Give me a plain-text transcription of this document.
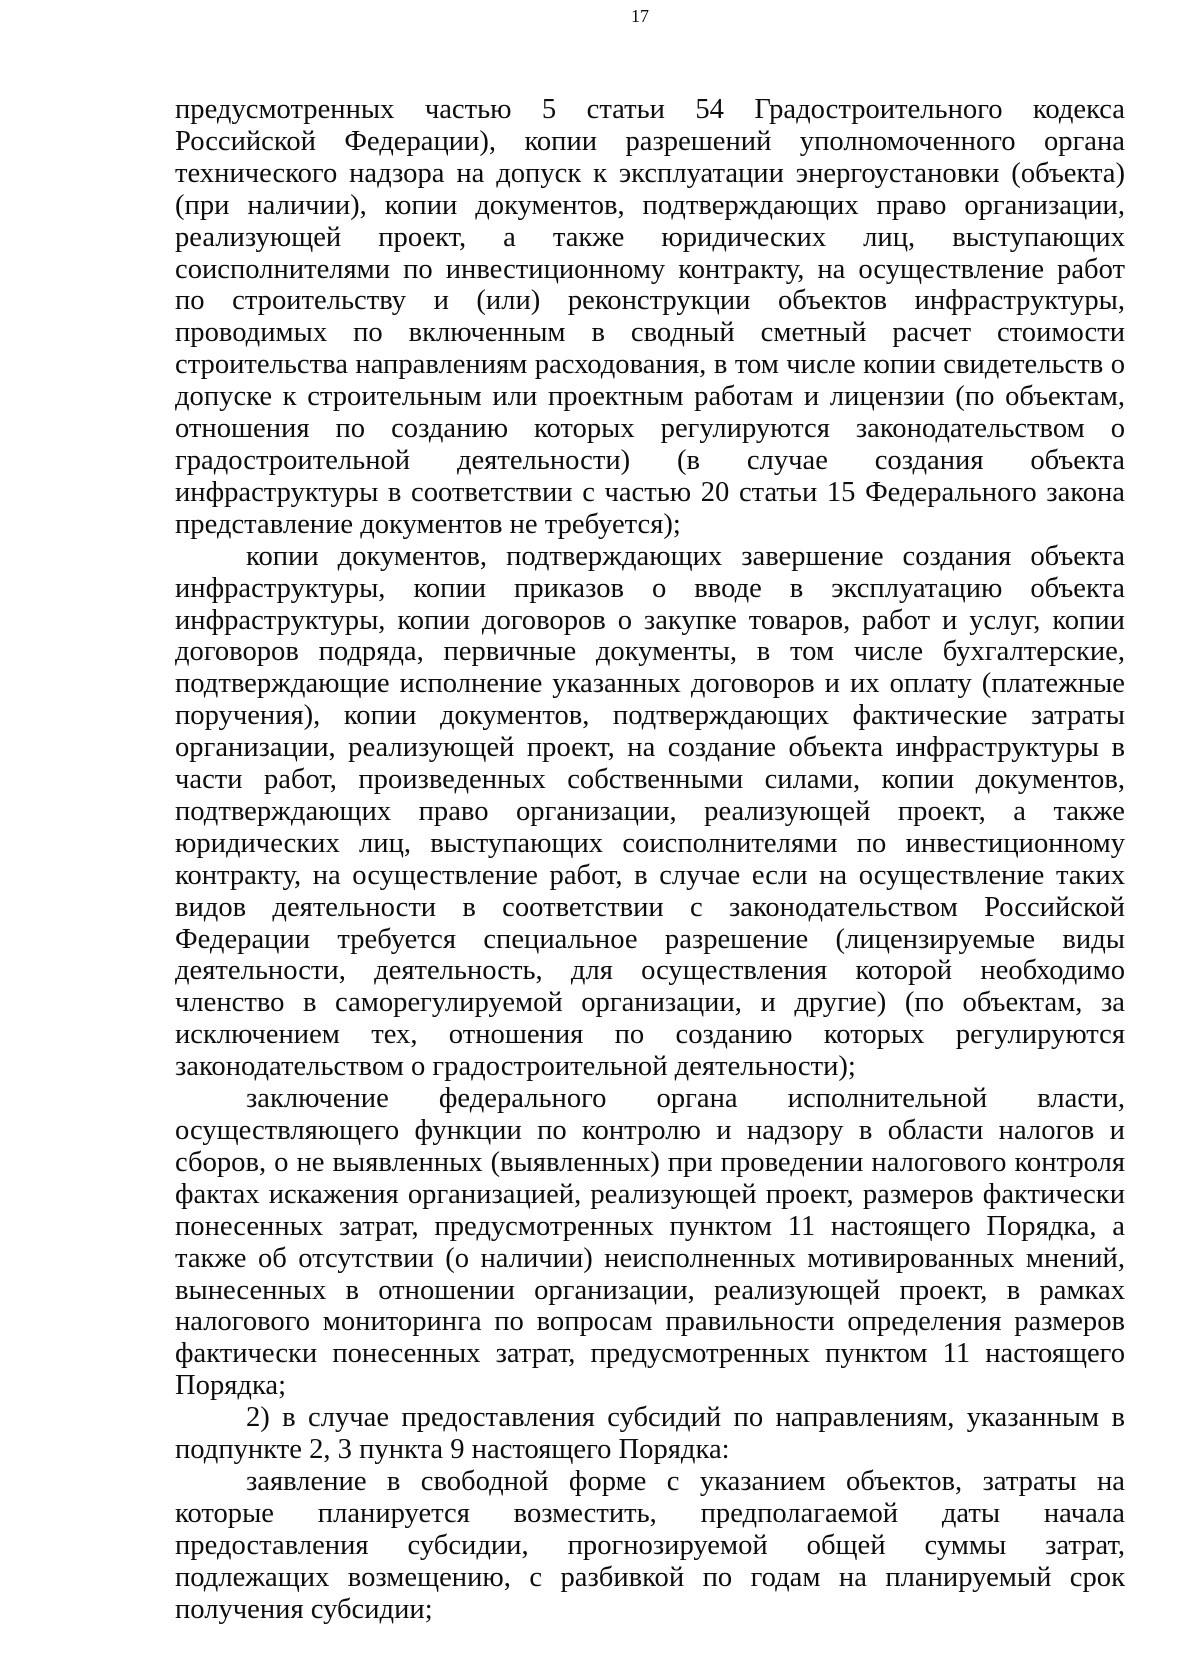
17

предусмотренных частью 5 статьи 54 Градостроительного кодекса Российской Федерации), копии разрешений уполномоченного органа технического надзора на допуск к эксплуатации энергоустановки (объекта) (при наличии), копии документов, подтверждающих право организации, реализующей проект, а также юридических лиц, выступающих соисполнителями по инвестиционному контракту, на осуществление работ по строительству и (или) реконструкции объектов инфраструктуры, проводимых по включенным в сводный сметный расчет стоимости строительства направлениям расходования, в том числе копии свидетельств о допуске к строительным или проектным работам и лицензии (по объектам, отношения по созданию которых регулируются законодательством о градостроительной деятельности) (в случае создания объекта инфраструктуры в соответствии с частью 20 статьи 15 Федерального закона представление документов не требуется);

копии документов, подтверждающих завершение создания объекта инфраструктуры, копии приказов о вводе в эксплуатацию объекта инфраструктуры, копии договоров о закупке товаров, работ и услуг, копии договоров подряда, первичные документы, в том числе бухгалтерские, подтверждающие исполнение указанных договоров и их оплату (платежные поручения), копии документов, подтверждающих фактические затраты организации, реализующей проект, на создание объекта инфраструктуры в части работ, произведенных собственными силами, копии документов, подтверждающих право организации, реализующей проект, а также юридических лиц, выступающих соисполнителями по инвестиционному контракту, на осуществление работ, в случае если на осуществление таких видов деятельности в соответствии с законодательством Российской Федерации требуется специальное разрешение (лицензируемые виды деятельности, деятельность, для осуществления которой необходимо членство в саморегулируемой организации, и другие) (по объектам, за исключением тех, отношения по созданию которых регулируются законодательством о градостроительной деятельности);

заключение федерального органа исполнительной власти, осуществляющего функции по контролю и надзору в области налогов и сборов, о не выявленных (выявленных) при проведении налогового контроля фактах искажения организацией, реализующей проект, размеров фактически понесенных затрат, предусмотренных пунктом 11 настоящего Порядка, а также об отсутствии (о наличии) неисполненных мотивированных мнений, вынесенных в отношении организации, реализующей проект, в рамках налогового мониторинга по вопросам правильности определения размеров фактически понесенных затрат, предусмотренных пунктом 11 настоящего Порядка;

2) в случае предоставления субсидий по направлениям, указанным в подпункте 2, 3 пункта 9 настоящего Порядка:

заявление в свободной форме с указанием объектов, затраты на которые планируется возместить, предполагаемой даты начала предоставления субсидии, прогнозируемой общей суммы затрат, подлежащих возмещению, с разбивкой по годам на планируемый срок получения субсидии;
